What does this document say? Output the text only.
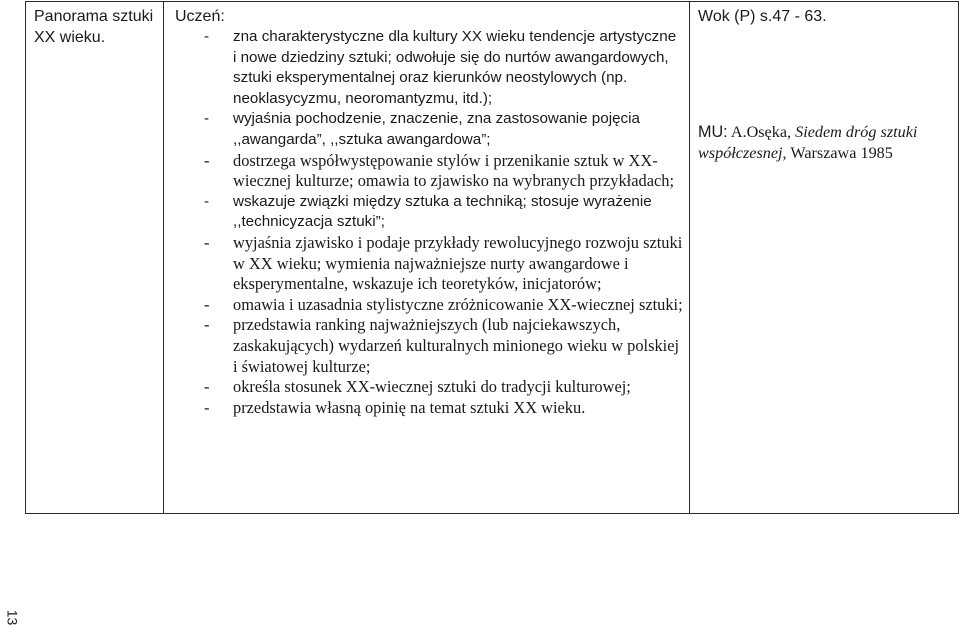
Panorama sztuki XX wieku.
Uczeń:
- zna charakterystyczne dla kultury XX wieku tendencje artystyczne i nowe dziedziny sztuki; odwołuje się do nurtów awangardowych, sztuki eksperymentalnej oraz kierunków neostylowych (np. neoklasycyzmu, neoromantyzmu, itd.);
- wyjaśnia pochodzenie, znaczenie, zna zastosowanie pojęcia ,,awangarda”, ,,sztuka awangardowa”;
- dostrzega współwystępowanie stylów i przenikanie sztuk w XX-wiecznej kulturze; omawia to zjawisko na wybranych przykładach;
- wskazuje związki między sztuka a techniką; stosuje wyrażenie ,,technicyzacja sztuki”;
- wyjaśnia zjawisko i podaje przykłady rewolucyjnego rozwoju sztuki w XX wieku; wymienia najważniejsze nurty awangardowe i eksperymentalne, wskazuje ich teoretyków, inicjatorów;
- omawia i uzasadnia stylistyczne zróżnicowanie XX-wiecznej sztuki;
- przedstawia ranking najważniejszych (lub najciekawszych, zaskakujących) wydarzeń kulturalnych minionego wieku w polskiej i światowej kulturze;
- określa stosunek XX-wiecznej sztuki do tradycji kulturowej;
- przedstawia własną opinię na temat sztuki XX wieku.
Wok (P) s.47 - 63.
MU: A.Osęka, Siedem dróg sztuki współczesnej, Warszawa 1985
13
